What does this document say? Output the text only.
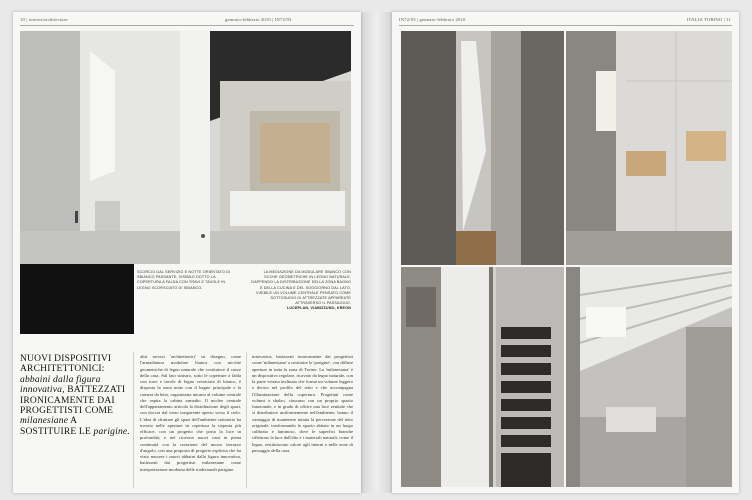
10 | interni/architecture	gennaio-febbraio 2010 | IN72/93
SCORCIO DAL SERVIZIO E NOTTE ORIENTATO DI SBIANCO PASSANTE, VISIBILE DOTTO LA COPERTURA A FALDA CON TRAVI E TAVOLE IN LEGNO SCORSCIATO DI SBIANCO.
LA MEDIAZIONE DA MODULARE SBANCO CON SCCHE GEOMETRICHE IN LEGNO NATURALE, DAPPENDO LA DISTRIBUZIONE DELLA ZONA BAGNO E DELLA CUCINA E DEL SOGGIORNO DAL LATO, VISIBILE UN VOLUME CENTRALE PENSATO COME SOTTOSUDIO DI ATTREZZATE APPAREATE ATTRAVERSO IL PASSAGGIO.
LUCEPLAN, VIABIZZUNO, KREON
NUOVI DISPOSITIVI ARCHITETTONICI: abbaini dalla figura innovativa, BATTEZZATI IRONICAMENTE DAI PROGETTISTI COME milanesiane A SOSTITUIRE LE parigine.
altri servizi 'architettonici' su disegno, come l'armadiatura modulare bianca con nicchie geometriche di legno naturale che costituisce il cuore della casa. Sul lato sinistro, sotto le coperture a falda con travi e tavole di legno verniciate di bianco, è disposta la zona notte con il bagno principale e la camera da letto, organizzata intorno al volume centrale che ospita la cabina armadio. Il nucleo centrale dell'appartamento articola la distribuzione degli spazi, con doccia dal vetro trasparente aperto verso il cielo. L'idea di sfruttare gli spazi dell'ambiente sottotetto ha trovato nelle aperture in copertura la risposta più efficace, con un progetto che porta la luce in profondità, e nel ricavare nuovi vani in piena continuità con la creazione del nuovo terrazzo d'angolo, con una proposta di progetto esplicita che ha visto nascere i nuovi abbaini dalla figura innovativa, battezzati dai progettisti milanesiane come interpretazione moderna delle tradizionali parigine.
innovativa, battezzati ironicamente dai progettisti come 'milanesiane' a sostituire le 'parigine', con diffuse aperture in tutta la zona di Torino. La 'milanesiana' è un dispositivo regolare, ricavato da legno naturale, con la parte vetrata inclinata che forma un volume leggero e deciso nel profilo del tetto e che accompagna l'illuminazione della copertura. Progettati come volumi a sbalzo, ciascuno con un proprio spazio funzionale, e in grado di offrire una luce zenitale che si distribuisce uniformemente nell'ambiente, hanno il vantaggio di mantenere intatta la percezione del tetto originale, trasformando lo spazio abitato in un luogo calibrato e luminoso, dove le superfici bianche riflettono la luce dall'alto e i materiali naturali, come il legno, restituiscono calore agli interni e nelle zone di passaggio della casa.
IN72/93 | gennaio-febbraio 2010	ITALIA TORINO | 11
